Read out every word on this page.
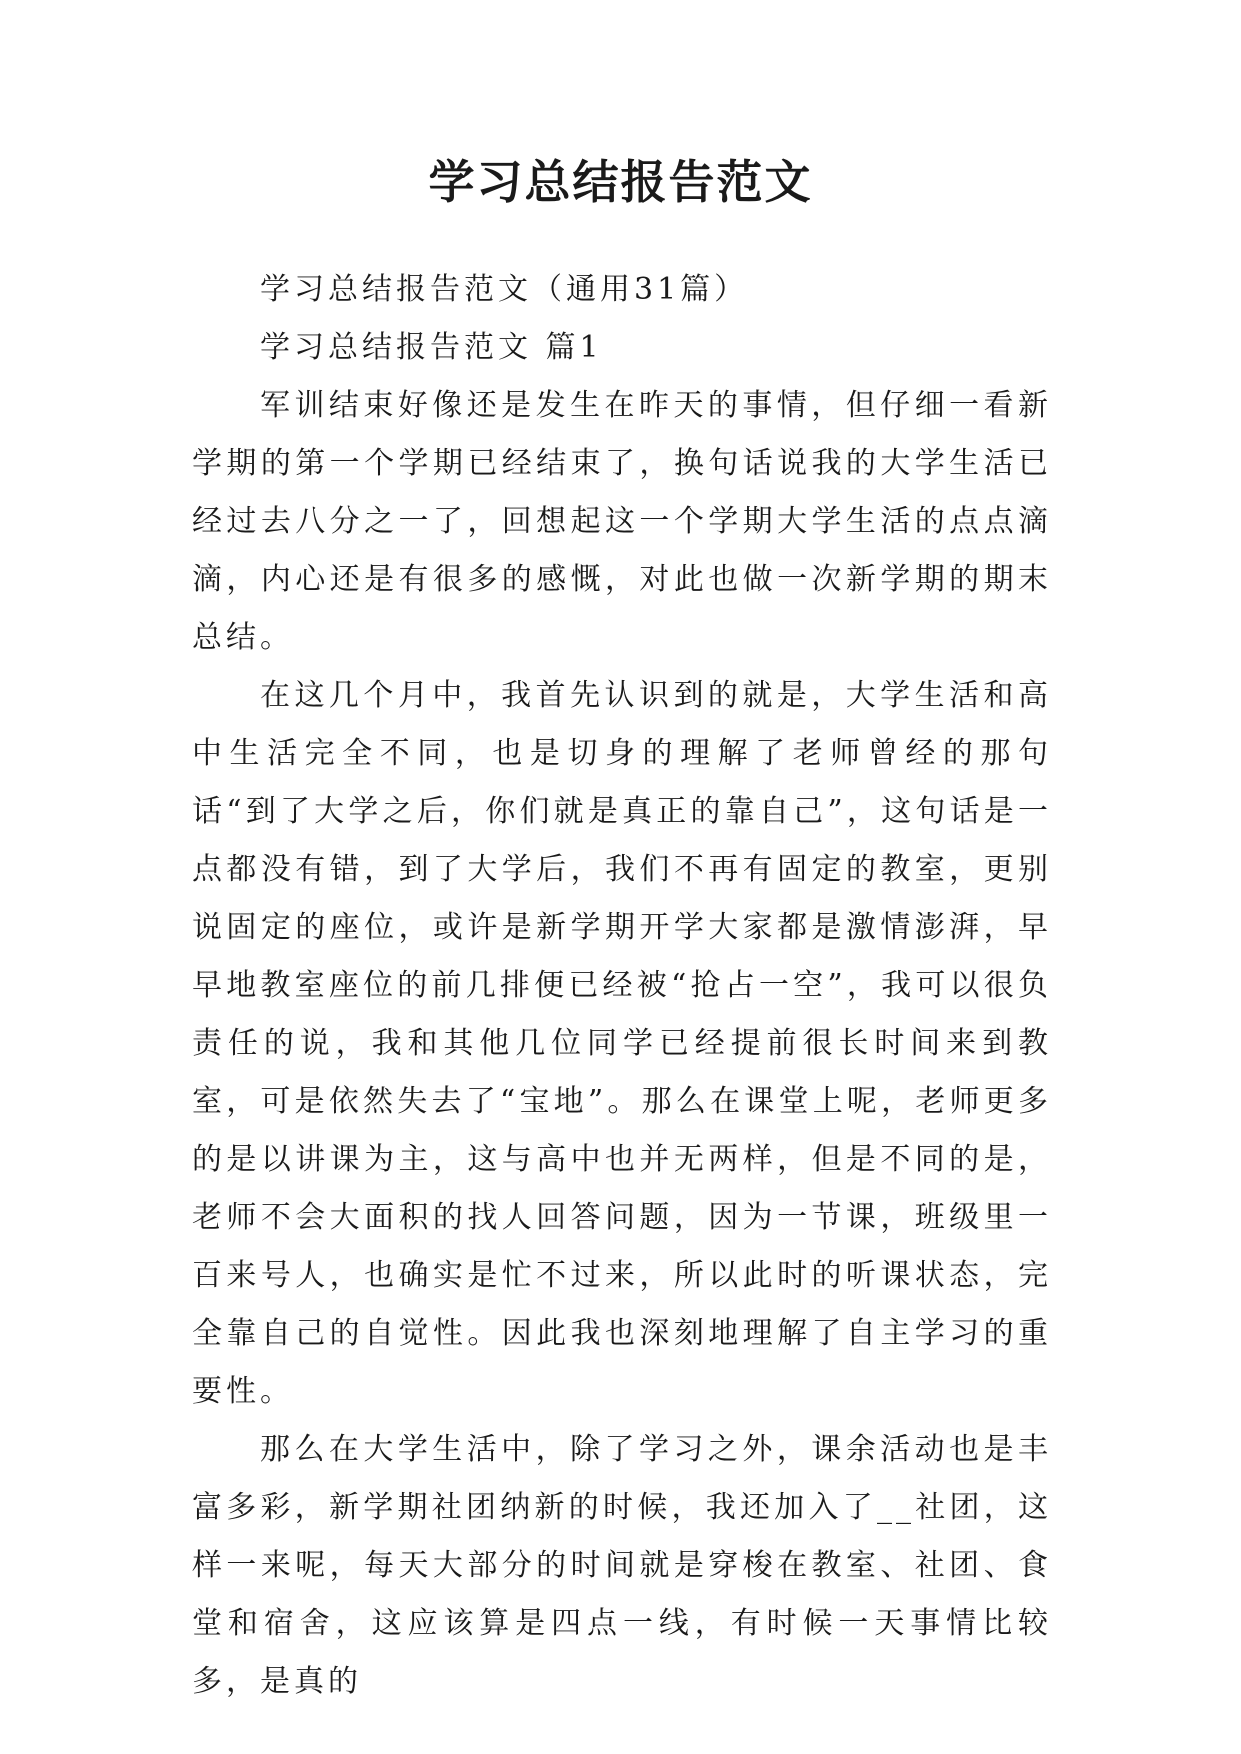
学习总结报告范文

学习总结报告范文（通用31篇）

学习总结报告范文 篇1

军训结束好像还是发生在昨天的事情，但仔细一看新学期的第一个学期已经结束了，换句话说我的大学生活已经过去八分之一了，回想起这一个学期大学生活的点点滴滴，内心还是有很多的感慨，对此也做一次新学期的期末总结。

在这几个月中，我首先认识到的就是，大学生活和高中生活完全不同，也是切身的理解了老师曾经的那句话“到了大学之后，你们就是真正的靠自己”，这句话是一点都没有错，到了大学后，我们不再有固定的教室，更别说固定的座位，或许是新学期开学大家都是激情澎湃，早早地教室座位的前几排便已经被“抢占一空”，我可以很负责任的说，我和其他几位同学已经提前很长时间来到教室，可是依然失去了“宝地”。那么在课堂上呢，老师更多的是以讲课为主，这与高中也并无两样，但是不同的是，老师不会大面积的找人回答问题，因为一节课，班级里一百来号人，也确实是忙不过来，所以此时的听课状态，完全靠自己的自觉性。因此我也深刻地理解了自主学习的重要性。

那么在大学生活中，除了学习之外，课余活动也是丰富多彩，新学期社团纳新的时候，我还加入了__社团，这样一来呢，每天大部分的时间就是穿梭在教室、社团、食堂和宿舍，这应该算是四点一线，有时候一天事情比较多，是真的
